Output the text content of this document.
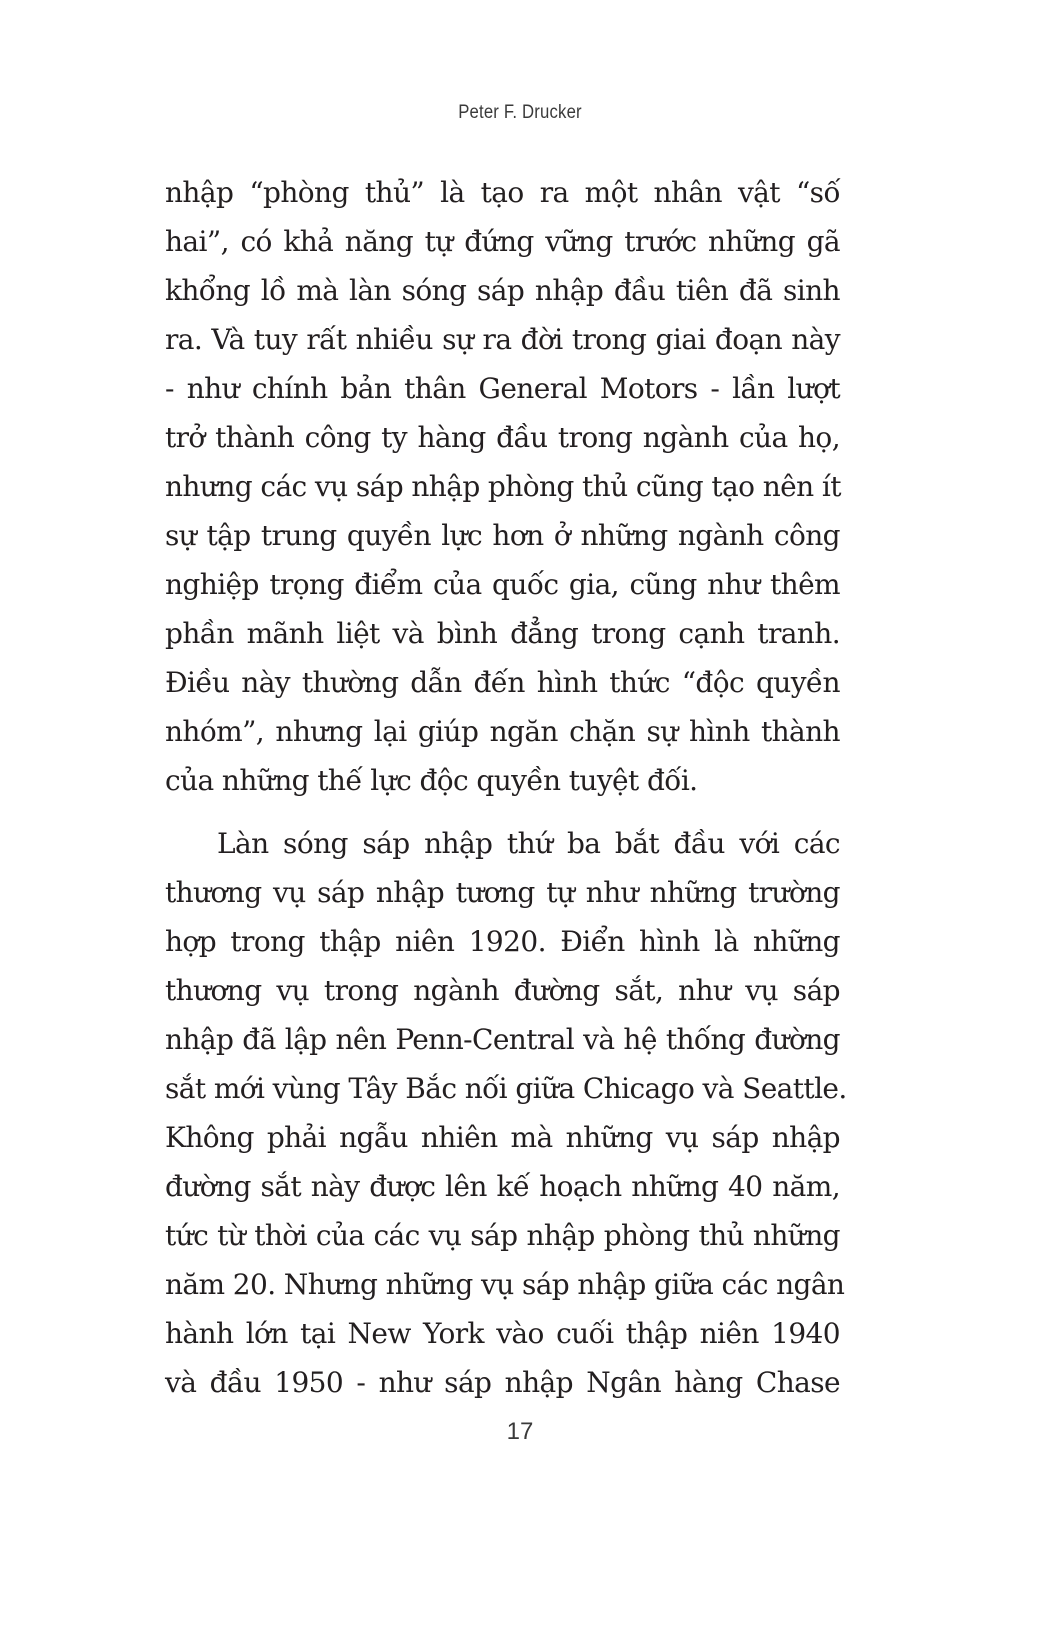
Peter F. Drucker
nhập “phòng thủ” là tạo ra một nhân vật “số
hai”, có khả năng tự đứng vững trước những gã
khổng lồ mà làn sóng sáp nhập đầu tiên đã sinh
ra. Và tuy rất nhiều sự ra đời trong giai đoạn này
- như chính bản thân General Motors - lần lượt
trở thành công ty hàng đầu trong ngành của họ,
nhưng các vụ sáp nhập phòng thủ cũng tạo nên ít
sự tập trung quyền lực hơn ở những ngành công
nghiệp trọng điểm của quốc gia, cũng như thêm
phần mãnh liệt và bình đẳng trong cạnh tranh.
Điều này thường dẫn đến hình thức “độc quyền
nhóm”, nhưng lại giúp ngăn chặn sự hình thành
của những thế lực độc quyền tuyệt đối.
Làn sóng sáp nhập thứ ba bắt đầu với các
thương vụ sáp nhập tương tự như những trường
hợp trong thập niên 1920. Điển hình là những
thương vụ trong ngành đường sắt, như vụ sáp
nhập đã lập nên Penn-Central và hệ thống đường
sắt mới vùng Tây Bắc nối giữa Chicago và Seattle.
Không phải ngẫu nhiên mà những vụ sáp nhập
đường sắt này được lên kế hoạch những 40 năm,
tức từ thời của các vụ sáp nhập phòng thủ những
năm 20. Nhưng những vụ sáp nhập giữa các ngân
hành lớn tại New York vào cuối thập niên 1940
và đầu 1950 - như sáp nhập Ngân hàng Chase
17
